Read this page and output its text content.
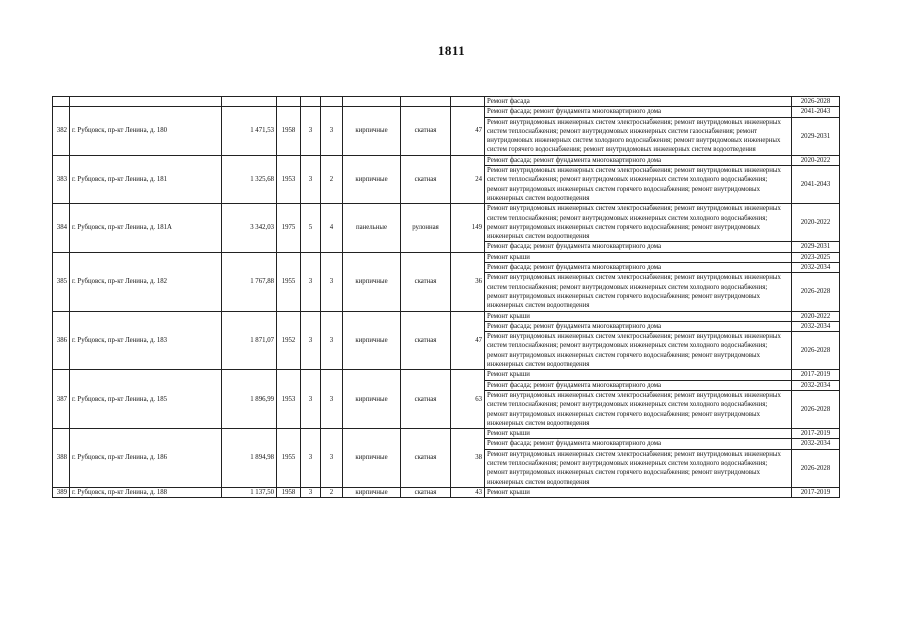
1811
									Ремонт фасада	2026-2028
382	г. Рубцовск, пр-кт Ленина, д. 180	1 471,53	1958	3	3	кирпичные	скатная	47	Ремонт фасада; ремонт фундамента многоквартирного дома	2041-2043
									Ремонт внутридомовых инженерных систем электроснабжения; ремонт внутридомовых инженерных систем теплоснабжения; ремонт внутридомовых инженерных систем газоснабжения; ремонт внутридомовых инженерных систем холодного водоснабжения; ремонт внутридомовых инженерных систем горячего водоснабжения; ремонт внутридомовых инженерных систем водоотведения	2029-2031
383	г. Рубцовск, пр-кт Ленина, д. 181	1 325,68	1953	3	2	кирпичные	скатная	24	Ремонт фасада; ремонт фундамента многоквартирного дома	2020-2022
									Ремонт внутридомовых инженерных систем электроснабжения; ремонт внутридомовых инженерных систем теплоснабжения; ремонт внутридомовых инженерных систем холодного водоснабжения; ремонт внутридомовых инженерных систем горячего водоснабжения; ремонт внутридомовых инженерных систем водоотведения	2041-2043
384	г. Рубцовск, пр-кт Ленина, д. 181А	3 342,03	1975	5	4	панельные	рулонная	149	Ремонт внутридомовых инженерных систем электроснабжения; ремонт внутридомовых инженерных систем теплоснабжения; ремонт внутридомовых инженерных систем холодного водоснабжения; ремонт внутридомовых инженерных систем горячего водоснабжения; ремонт внутридомовых инженерных систем водоотведения	2020-2022
									Ремонт фасада; ремонт фундамента многоквартирного дома	2029-2031
385	г. Рубцовск, пр-кт Ленина, д. 182	1 767,88	1955	3	3	кирпичные	скатная	36	Ремонт крыши	2023-2025
									Ремонт фасада; ремонт фундамента многоквартирного дома	2032-2034
									Ремонт внутридомовых инженерных систем электроснабжения; ремонт внутридомовых инженерных систем теплоснабжения; ремонт внутридомовых инженерных систем холодного водоснабжения; ремонт внутридомовых инженерных систем горячего водоснабжения; ремонт внутридомовых инженерных систем водоотведения	2026-2028
386	г. Рубцовск, пр-кт Ленина, д. 183	1 871,07	1952	3	3	кирпичные	скатная	47	Ремонт крыши	2020-2022
									Ремонт фасада; ремонт фундамента многоквартирного дома	2032-2034
									Ремонт внутридомовых инженерных систем электроснабжения; ремонт внутридомовых инженерных систем теплоснабжения; ремонт внутридомовых инженерных систем холодного водоснабжения; ремонт внутридомовых инженерных систем горячего водоснабжения; ремонт внутридомовых инженерных систем водоотведения	2026-2028
387	г. Рубцовск, пр-кт Ленина, д. 185	1 896,99	1953	3	3	кирпичные	скатная	63	Ремонт крыши	2017-2019
									Ремонт фасада; ремонт фундамента многоквартирного дома	2032-2034
									Ремонт внутридомовых инженерных систем электроснабжения; ремонт внутридомовых инженерных систем теплоснабжения; ремонт внутридомовых инженерных систем холодного водоснабжения; ремонт внутридомовых инженерных систем горячего водоснабжения; ремонт внутридомовых инженерных систем водоотведения	2026-2028
388	г. Рубцовск, пр-кт Ленина, д. 186	1 894,98	1955	3	3	кирпичные	скатная	38	Ремонт крыши	2017-2019
									Ремонт фасада; ремонт фундамента многоквартирного дома	2032-2034
									Ремонт внутридомовых инженерных систем электроснабжения; ремонт внутридомовых инженерных систем теплоснабжения; ремонт внутридомовых инженерных систем холодного водоснабжения; ремонт внутридомовых инженерных систем горячего водоснабжения; ремонт внутридомовых инженерных систем водоотведения	2026-2028
389	г. Рубцовск, пр-кт Ленина, д. 188	1 137,50	1958	3	2	кирпичные	скатная	43	Ремонт крыши	2017-2019
